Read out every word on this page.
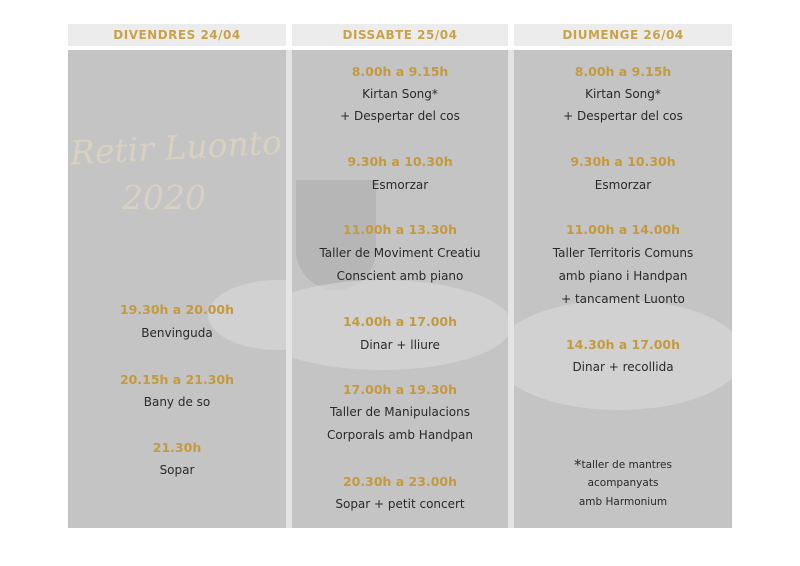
DIVENDRES 24/04
Retir Luonto
2020
19.30h a 20.00h
Benvinguda
20.15h a 21.30h
Bany de so
21.30h
Sopar
DISSABTE 25/04
8.00h a 9.15h
Kirtan Song*
+ Despertar del cos
9.30h a 10.30h
Esmorzar
11.00h a 13.30h
Taller de Moviment Creatiu
Conscient amb piano
14.00h a 17.00h
Dinar + lliure
17.00h a 19.30h
Taller de Manipulacions
Corporals amb Handpan
20.30h a 23.00h
Sopar + petit concert
DIUMENGE 26/04
8.00h a 9.15h
Kirtan Song*
+ Despertar del cos
9.30h a 10.30h
Esmorzar
11.00h a 14.00h
Taller Territoris Comuns
amb piano i Handpan
+ tancament Luonto
14.30h a 17.00h
Dinar + recollida
*taller de mantres
acompanyats
amb Harmonium
